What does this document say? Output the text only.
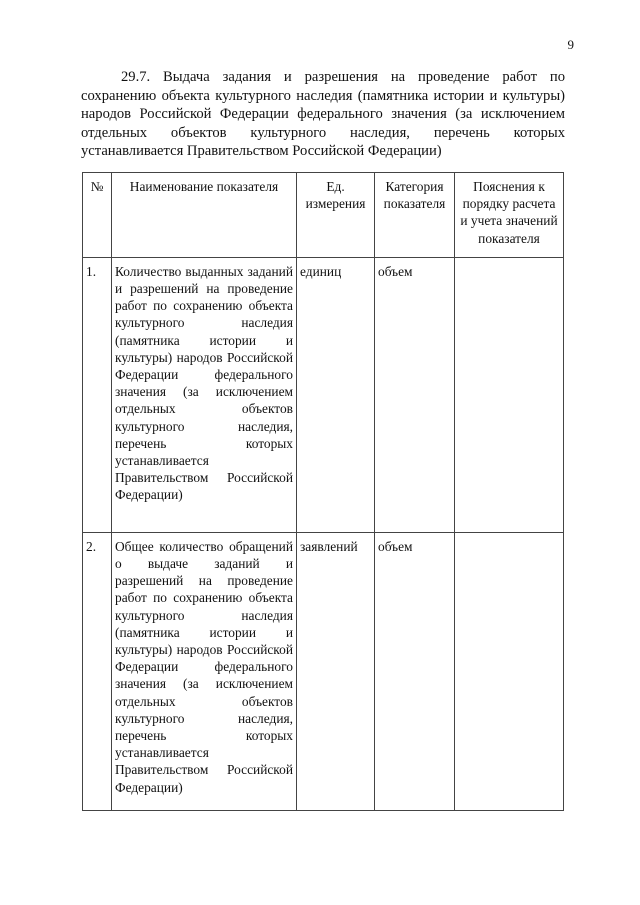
9

29.7. Выдача задания и разрешения на проведение работ по сохранению объекта культурного наследия (памятника истории и культуры) народов Российской Федерации федерального значения (за исключением отдельных объектов культурного наследия, перечень которых устанавливается Правительством Российской Федерации)

№	Наименование показателя	Ед. измерения	Категория показателя	Пояснения к порядку расчета и учета значений показателя
1.	Количество выданных заданий и разрешений на проведение работ по сохранению объекта культурного наследия (памятника истории и культуры) народов Российской Федерации федерального значения (за исключением отдельных объектов культурного наследия, перечень которых устанавливается Правительством Российской Федерации)	единиц	объем	
2.	Общее количество обращений о выдаче заданий и разрешений на проведение работ по сохранению объекта культурного наследия (памятника истории и культуры) народов Российской Федерации федерального значения (за исключением отдельных объектов культурного наследия, перечень которых устанавливается Правительством Российской Федерации)	заявлений	объем	
